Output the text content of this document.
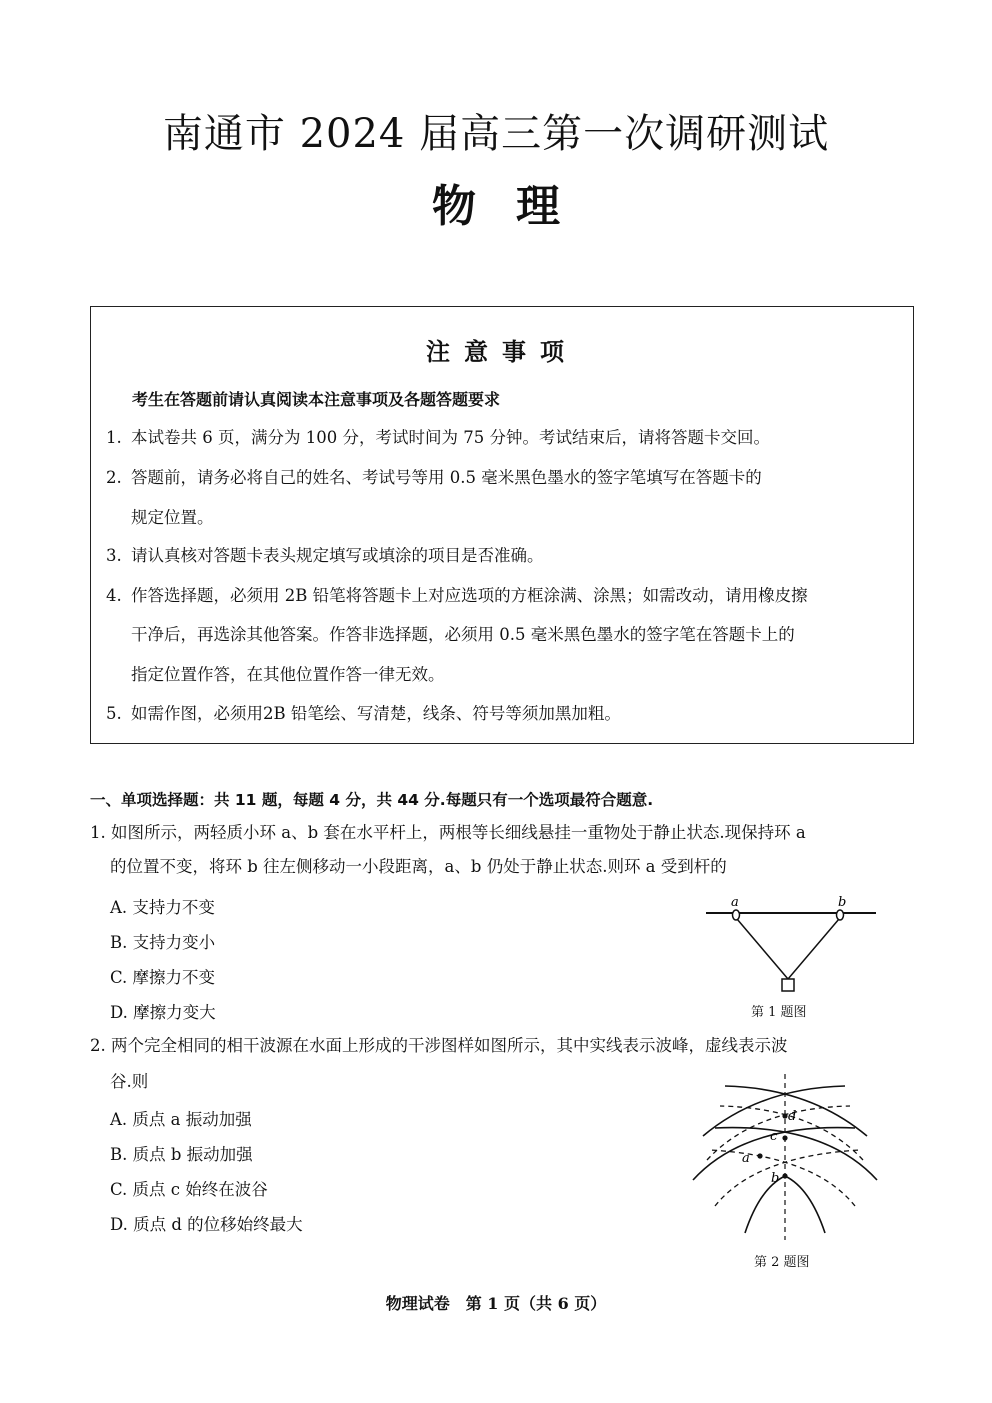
南通市 2024 届高三第一次调研测试
物理
注意事项
考生在答题前请认真阅读本注意事项及各题答题要求
1. 本试卷共 6 页，满分为 100 分，考试时间为 75 分钟。考试结束后，请将答题卡交回。
2. 答题前，请务必将自己的姓名、考试号等用 0.5 毫米黑色墨水的签字笔填写在答题卡的
规定位置。
3. 请认真核对答题卡表头规定填写或填涂的项目是否准确。
4. 作答选择题，必须用 2B 铅笔将答题卡上对应选项的方框涂满、涂黑；如需改动，请用橡皮擦
干净后，再选涂其他答案。作答非选择题，必须用 0.5 毫米黑色墨水的签字笔在答题卡上的
指定位置作答，在其他位置作答一律无效。
5. 如需作图，必须用2B 铅笔绘、写清楚，线条、符号等须加黑加粗。
一、单项选择题：共 11 题，每题 4 分，共 44 分.每题只有一个选项最符合题意.
1. 如图所示，两轻质小环 a、b 套在水平杆上，两根等长细线悬挂一重物处于静止状态.现保持环 a
的位置不变，将环 b 往左侧移动一小段距离，a、b 仍处于静止状态.则环 a 受到杆的
A. 支持力不变
B. 支持力变小
C. 摩擦力不变
D. 摩擦力变大
a	b
第 1 题图
2. 两个完全相同的相干波源在水面上形成的干涉图样如图所示，其中实线表示波峰，虚线表示波
谷.则
A. 质点 a 振动加强
B. 质点 b 振动加强
C. 质点 c 始终在波谷
D. 质点 d 的位移始终最大
a
b
c
d
第 2 题图
物理试卷　第 1 页（共 6 页）
